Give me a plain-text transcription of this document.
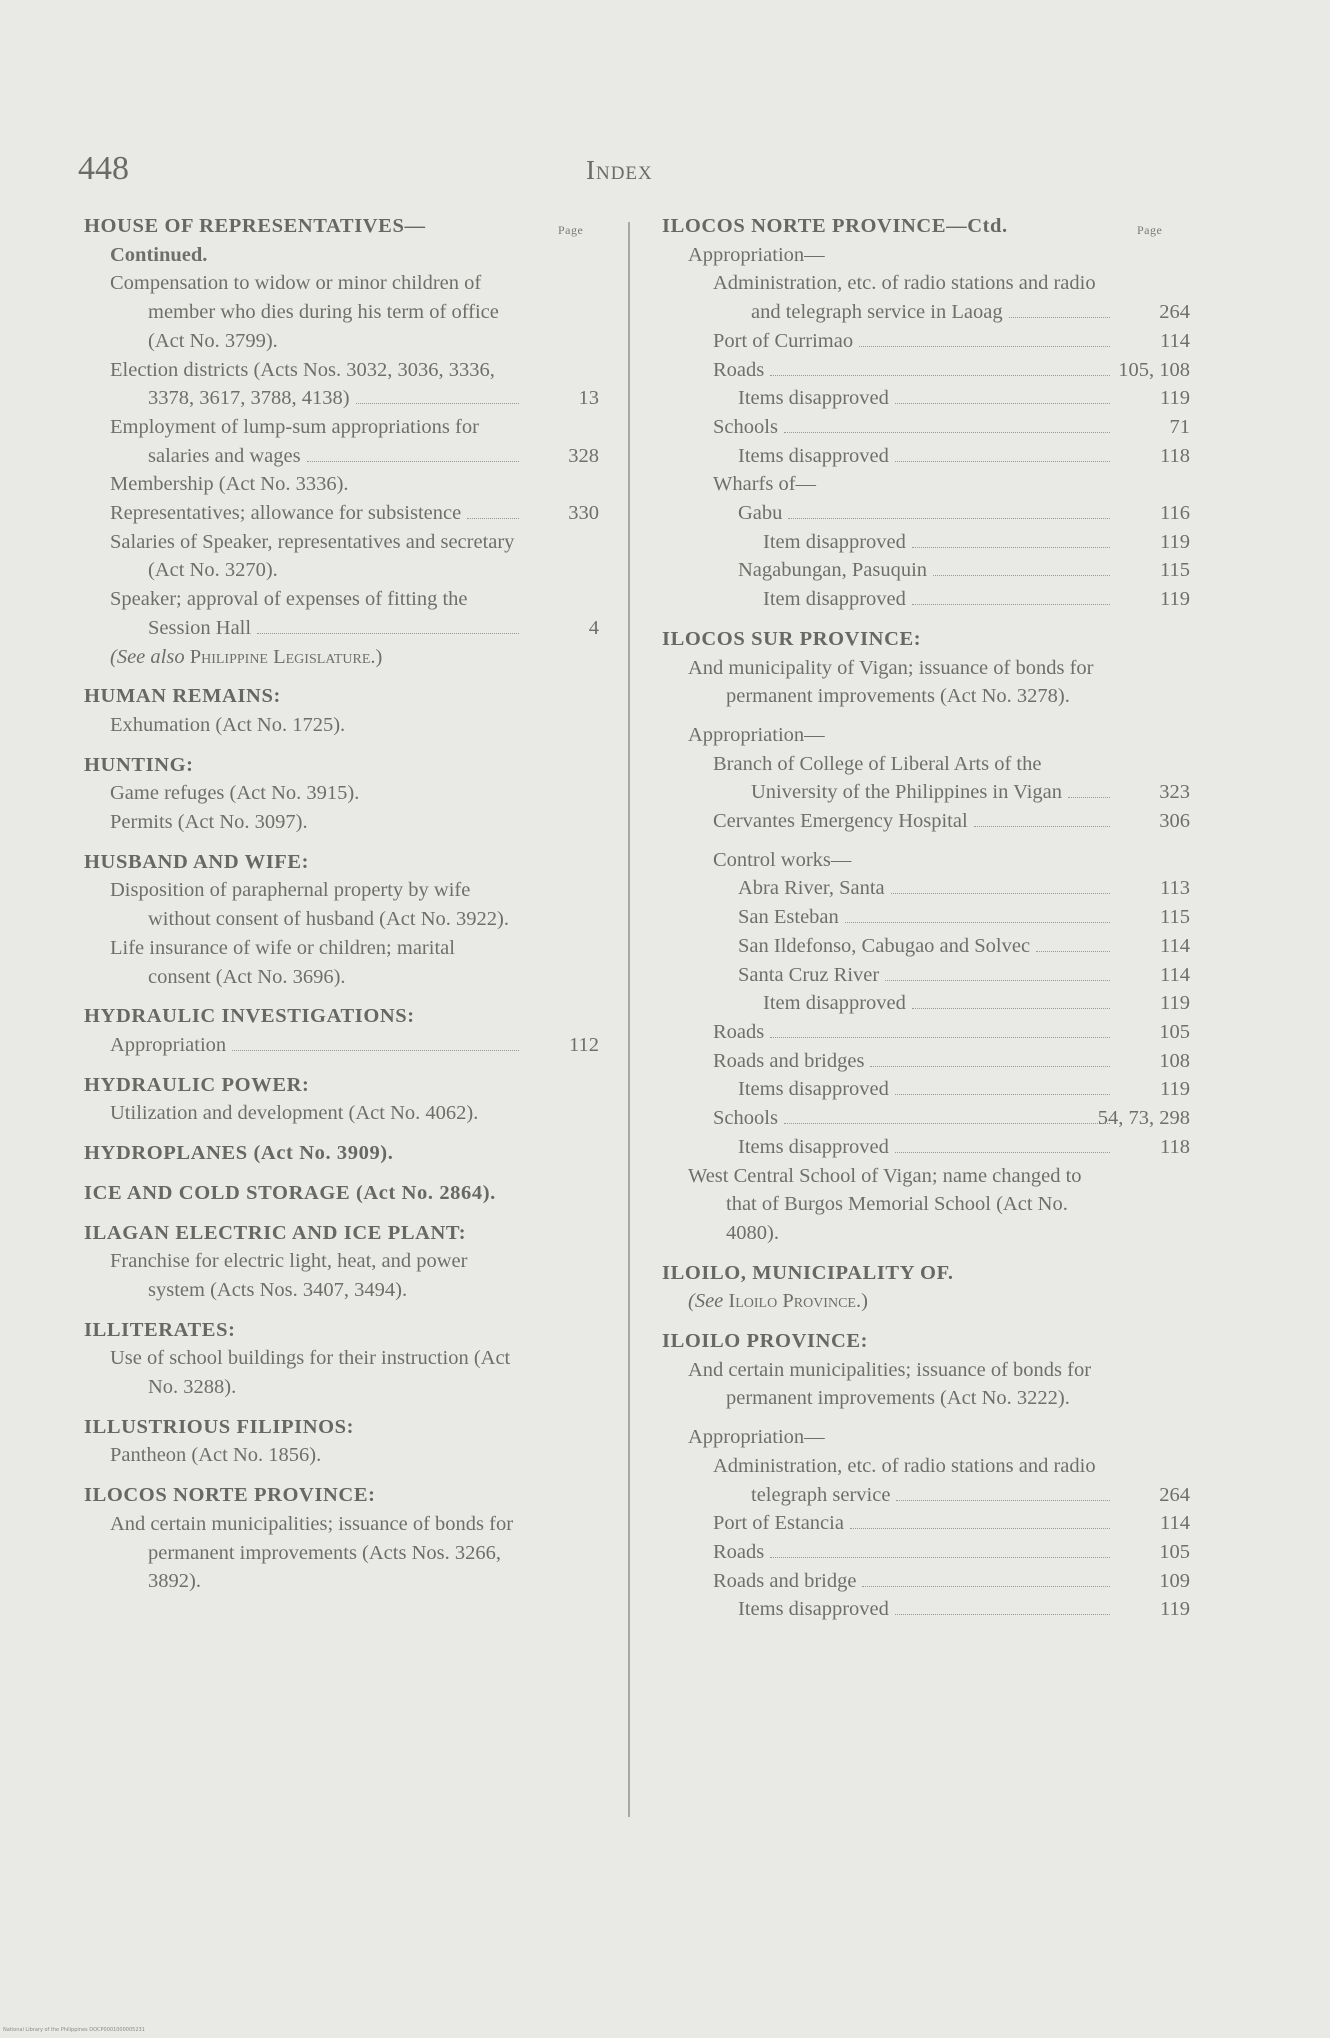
448	Index
Page
HOUSE OF REPRESENTATIVES—
Continued.
Compensation to widow or minor children of member who dies during his term of office (Act No. 3799).
Election districts (Acts Nos. 3032, 3036, 3336, 3378, 3617, 3788, 4138)	13
Employment of lump-sum appropriations for salaries and wages	328
Membership (Act No. 3336).
Representatives; allowance for subsistence	330
Salaries of Speaker, representatives and secretary (Act No. 3270).
Speaker; approval of expenses of fitting the Session Hall	4
(See also Philippine Legislature.)
HUMAN REMAINS:
Exhumation (Act No. 1725).
HUNTING:
Game refuges (Act No. 3915).
Permits (Act No. 3097).
HUSBAND AND WIFE:
Disposition of paraphernal property by wife without consent of husband (Act No. 3922).
Life insurance of wife or children; marital consent (Act No. 3696).
HYDRAULIC INVESTIGATIONS:
Appropriation	112
HYDRAULIC POWER:
Utilization and development (Act No. 4062).
HYDROPLANES (Act No. 3909).
ICE AND COLD STORAGE (Act No. 2864).
ILAGAN ELECTRIC AND ICE PLANT:
Franchise for electric light, heat, and power system (Acts Nos. 3407, 3494).
ILLITERATES:
Use of school buildings for their instruction (Act No. 3288).
ILLUSTRIOUS FILIPINOS:
Pantheon (Act No. 1856).
ILOCOS NORTE PROVINCE:
And certain municipalities; issuance of bonds for permanent improvements (Acts Nos. 3266, 3892).
Page
ILOCOS NORTE PROVINCE—Ctd.
Appropriation—
Administration, etc. of radio stations and radio and telegraph service in Laoag	264
Port of Currimao	114
Roads	105, 108
Items disapproved	119
Schools	71
Items disapproved	118
Wharfs of—
Gabu	116
Item disapproved	119
Nagabungan, Pasuquin	115
Item disapproved	119
ILOCOS SUR PROVINCE:
And municipality of Vigan; issuance of bonds for permanent improvements (Act No. 3278).
Appropriation—
Branch of College of Liberal Arts of the University of the Philippines in Vigan	323
Cervantes Emergency Hospital	306
Control works—
Abra River, Santa	113
San Esteban	115
San Ildefonso, Cabugao and Solvec	114
Santa Cruz River	114
Item disapproved	119
Roads	105
Roads and bridges	108
Items disapproved	119
Schools	54, 73, 298
Items disapproved	118
West Central School of Vigan; name changed to that of Burgos Memorial School (Act No. 4080).
ILOILO, MUNICIPALITY OF.
(See Iloilo Province.)
ILOILO PROVINCE:
And certain municipalities; issuance of bonds for permanent improvements (Act No. 3222).
Appropriation—
Administration, etc. of radio stations and radio telegraph service	264
Port of Estancia	114
Roads	105
Roads and bridge	109
Items disapproved	119
National Library of the Philippines DOCP0001000005231
